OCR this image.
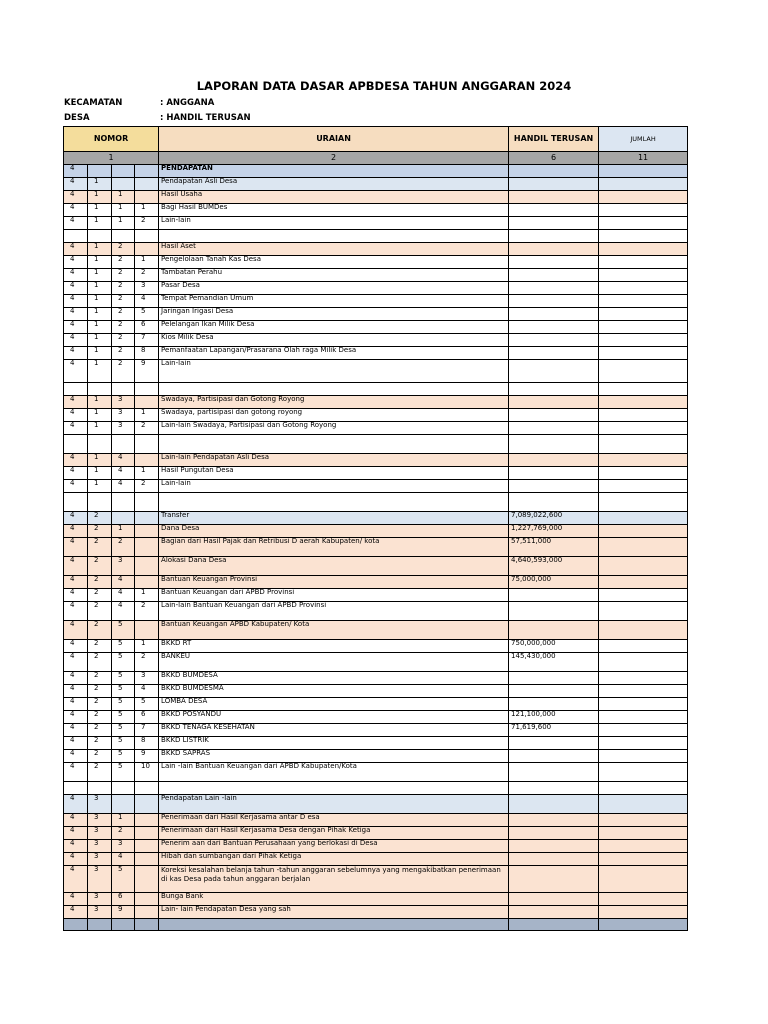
LAPORAN DATA DASAR APBDESA TAHUN ANGGARAN 2024
KECAMATAN	: ANGGANA
DESA	: HANDIL TERUSAN
NOMOR				URAIAN	HANDIL TERUSAN	JUMLAH
1				2	6	11
4				PENDAPATAN		
4	1			Pendapatan Asli Desa		
4	1	1		Hasil Usaha		
4	1	1	1	Bagi Hasil BUMDes		
4	1	1	2	Lain-lain		

4	1	2		Hasil Aset		
4	1	2	1	Pengelolaan Tanah Kas Desa		
4	1	2	2	Tambatan Perahu		
4	1	2	3	Pasar Desa		
4	1	2	4	Tempat Pemandian Umum		
4	1	2	5	Jaringan Irigasi Desa		
4	1	2	6	Pelelangan Ikan Milik Desa		
4	1	2	7	Kios Milik Desa		
4	1	2	8	Pemanfaatan Lapangan/Prasarana Olah raga Milik Desa		
4	1	2	9	Lain-lain		

4	1	3		Swadaya, Partisipasi dan Gotong Royong		
4	1	3	1	Swadaya, partisipasi dan gotong royong		
4	1	3	2	Lain-lain Swadaya, Partisipasi dan Gotong Royong		

4	1	4		Lain-lain Pendapatan Asli Desa		
4	1	4	1	Hasil Pungutan Desa		
4	1	4	2	Lain-lain		

4	2			Transfer	7,089,022,600	
4	2	1		Dana Desa	1,227,769,000	
4	2	2		Bagian dari Hasil Pajak dan Retribusi D aerah Kabupaten/ kota	57,511,000	
4	2	3		Alokasi Dana Desa	4,640,593,000	
4	2	4		Bantuan Keuangan Provinsi	75,000,000	
4	2	4	1	Bantuan Keuangan dari APBD Provinsi		
4	2	4	2	Lain-lain Bantuan Keuangan dari APBD Provinsi		
4	2	5		Bantuan Keuangan APBD Kabupaten/ Kota		
4	2	5	1	BKKD RT	750,000,000	
4	2	5	2	BANKEU	145,430,000	
4	2	5	3	BKKD BUMDESA		
4	2	5	4	BKKD BUMDESMA		
4	2	5	5	LOMBA DESA		
4	2	5	6	BKKD POSYANDU	121,100,000	
4	2	5	7	BKKD TENAGA KESEHATAN	71,619,600	
4	2	5	8	BKKD LISTRIK		
4	2	5	9	BKKD SAPRAS		
4	2	5	10	Lain -lain Bantuan Keuangan dari APBD Kabupaten/Kota		

4	3			Pendapatan Lain -lain		
4	3	1		Penerimaan dari Hasil Kerjasama antar D esa		
4	3	2		Penerimaan dari Hasil Kerjasama Desa dengan Pihak Ketiga		
4	3	3		Penerim aan dari Bantuan Perusahaan yang berlokasi di Desa		
4	3	4		Hibah dan sumbangan dari Pihak Ketiga		
4	3	5		Koreksi kesalahan belanja tahun -tahun anggaran sebelumnya yang mengakibatkan penerimaan di kas Desa pada tahun anggaran berjalan		
4	3	6		Bunga Bank		
4	3	9		Lain- lain Pendapatan Desa yang sah		
